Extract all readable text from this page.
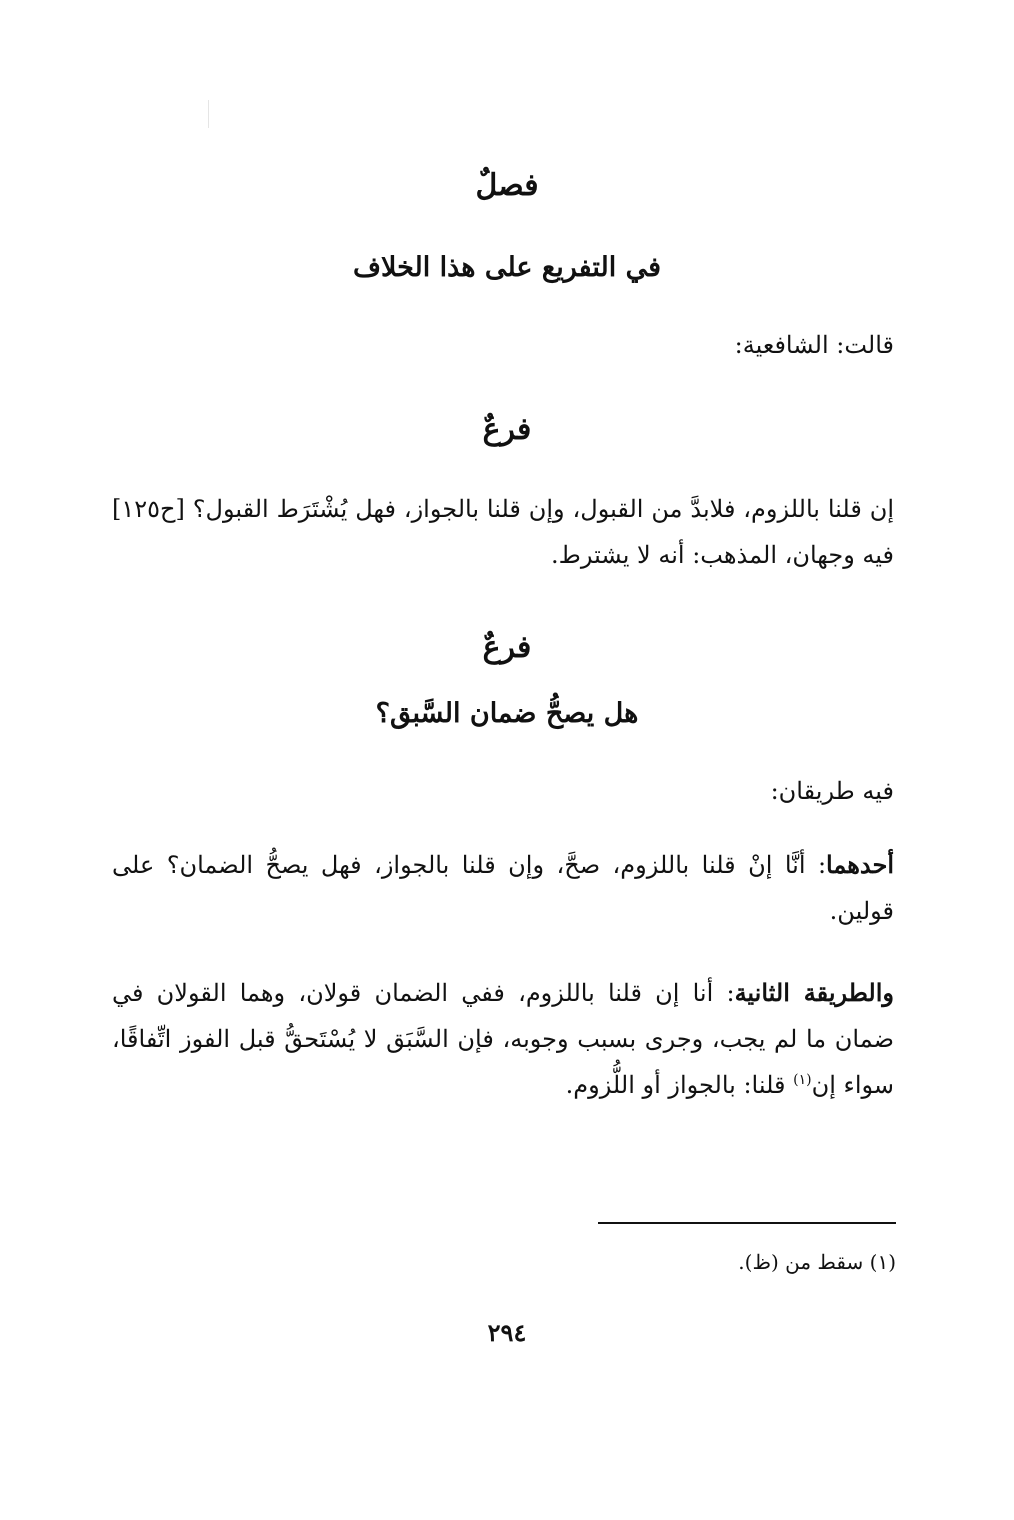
فصلٌ
في التفريع على هذا الخلاف
قالت: الشافعية:
فرعٌ
إن قلنا باللزوم، فلابدَّ من القبول، وإن قلنا بالجواز، فهل يُشْتَرَط القبول؟ [ح١٢٥] فيه وجهان، المذهب: أنه لا يشترط.
فرعٌ
هل يصحُّ ضمان السَّبق؟
فيه طريقان:
أحدهما: أنَّا إنْ قلنا باللزوم، صحَّ، وإن قلنا بالجواز، فهل يصحُّ الضمان؟ على قولين.
والطريقة الثانية: أنا إن قلنا باللزوم، ففي الضمان قولان، وهما القولان في ضمان ما لم يجب، وجرى بسبب وجوبه، فإن السَّبَق لا يُسْتَحقُّ قبل الفوز اتِّفاقًا، سواء إن$^{(١)}$ قلنا: بالجواز أو اللُّزوم.
(١) سقط من (ظ).
٢٩٤
